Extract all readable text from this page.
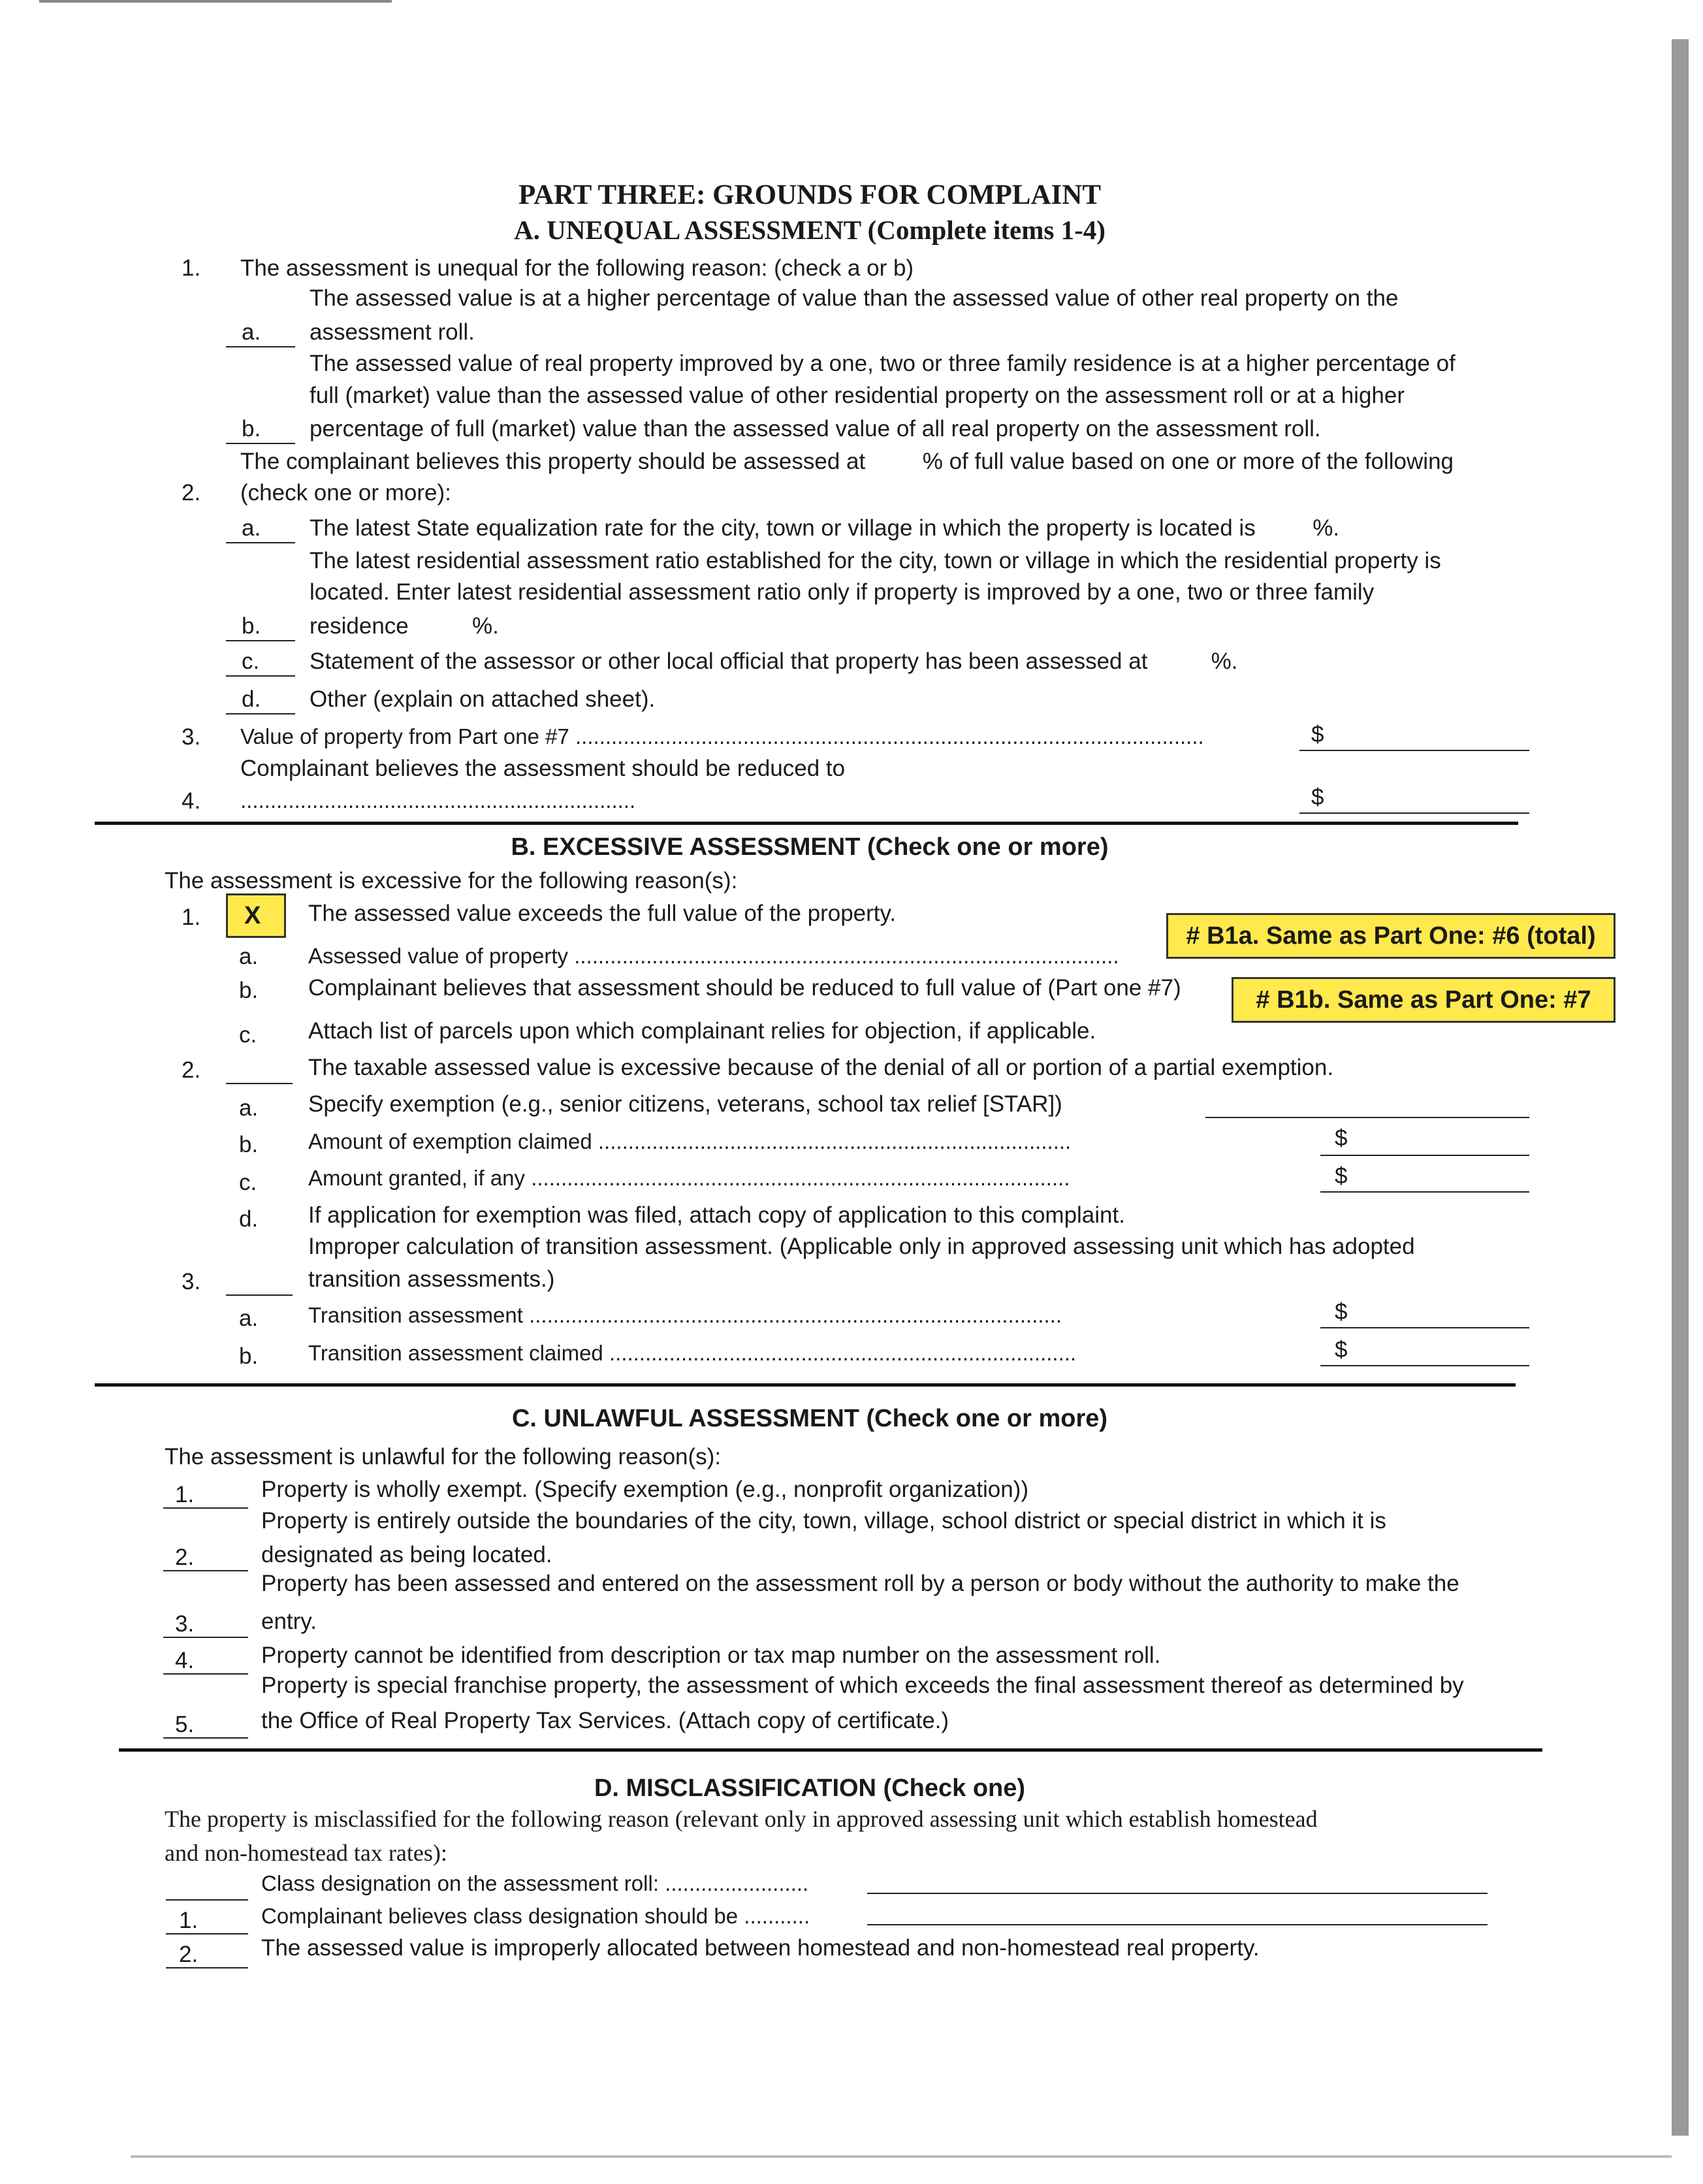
PART THREE: GROUNDS FOR COMPLAINT
A. UNEQUAL ASSESSMENT (Complete items 1-4)
1. The assessment is unequal for the following reason: (check a or b)
The assessed value is at a higher percentage of value than the assessed value of other real property on the
a. assessment roll.
The assessed value of real property improved by a one, two or three family residence is at a higher percentage of
full (market) value than the assessed value of other residential property on the assessment roll or at a higher
b. percentage of full (market) value than the assessed value of all real property on the assessment roll.
The complainant believes this property should be assessed at         % of full value based on one or more of the following
2. (check one or more):
a. The latest State equalization rate for the city, town or village in which the property is located is         %.
The latest residential assessment ratio established for the city, town or village in which the residential property is
located. Enter latest residential assessment ratio only if property is improved by a one, two or three family
b. residence          %.
c. Statement of the assessor or other local official that property has been assessed at          %.
d. Other (explain on attached sheet).
3. Value of property from Part one #7 .........................................................................................................	$
Complainant believes the assessment should be reduced to
4. ..................................................................	$
B. EXCESSIVE ASSESSMENT (Check one or more)
The assessment is excessive for the following reason(s):
1. X The assessed value exceeds the full value of the property.
a. Assessed value of property ...........................................................................................
# B1a. Same as Part One: #6 (total)
b. Complainant believes that assessment should be reduced to full value of (Part one #7)	# B1b. Same as Part One: #7
c. Attach list of parcels upon which complainant relies for objection, if applicable.
2.	The taxable assessed value is excessive because of the denial of all or portion of a partial exemption.
a. Specify exemption (e.g., senior citizens, veterans, school tax relief [STAR])
b. Amount of exemption claimed ...............................................................................	$
c. Amount granted, if any ..........................................................................................	$
d. If application for exemption was filed, attach copy of application to this complaint.
Improper calculation of transition assessment. (Applicable only in approved assessing unit which has adopted
3.	transition assessments.)
a. Transition assessment .........................................................................................	$
b. Transition assessment claimed ..............................................................................	$
C. UNLAWFUL ASSESSMENT (Check one or more)
The assessment is unlawful for the following reason(s):
1.	Property is wholly exempt. (Specify exemption (e.g., nonprofit organization))
Property is entirely outside the boundaries of the city, town, village, school district or special district in which it is
2.	designated as being located.
Property has been assessed and entered on the assessment roll by a person or body without the authority to make the
3.	entry.
4.	Property cannot be identified from description or tax map number on the assessment roll.
Property is special franchise property, the assessment of which exceeds the final assessment thereof as determined by
5.	the Office of Real Property Tax Services. (Attach copy of certificate.)
D. MISCLASSIFICATION (Check one)
The property is misclassified for the following reason (relevant only in approved assessing unit which establish homestead
and non-homestead tax rates):
Class designation on the assessment roll: ........................
1.	Complainant believes class designation should be ...........
2.	The assessed value is improperly allocated between homestead and non-homestead real property.
